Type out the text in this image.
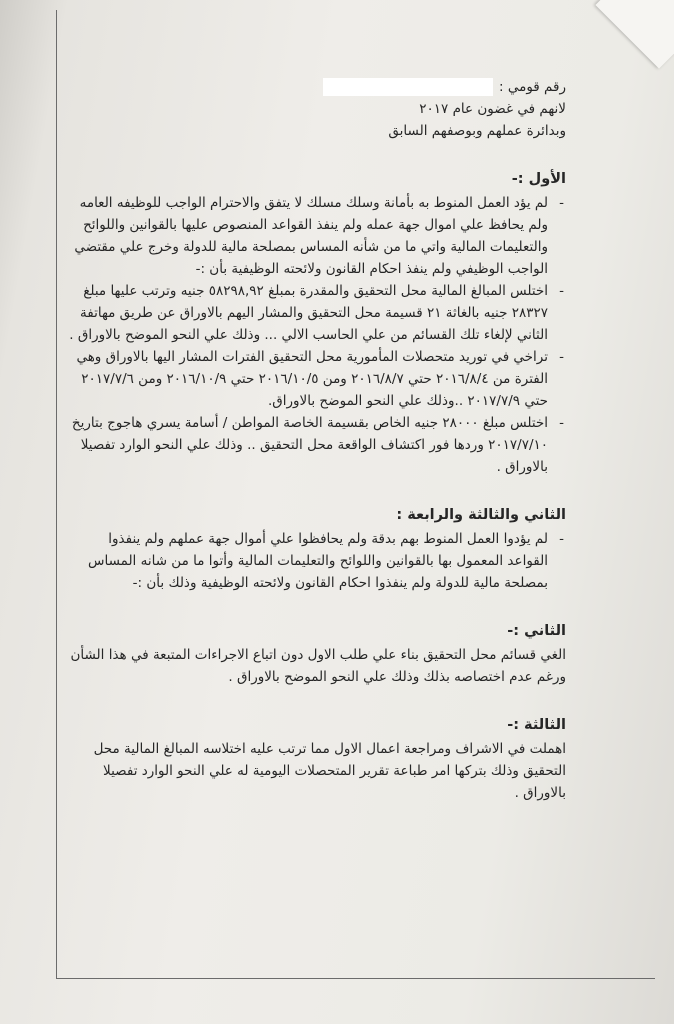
رقم قومي :

لانهم في غضون عام ٢٠١٧

وبدائرة عملهم وبوصفهم السابق

الأول :-
- لم يؤد العمل المنوط به بأمانة وسلك مسلك لا يتفق والاحترام الواجب للوظيفه العامه ولم يحافظ علي اموال جهة عمله ولم ينفذ القواعد المنصوص عليها بالقوانين واللوائح والتعليمات المالية واتي ما من شأنه المساس بمصلحة مالية للدولة وخرج علي مقتضي الواجب الوظيفي ولم ينفذ احكام القانون ولائحته الوظيفية بأن :-
- اختلس المبالغ المالية محل التحقيق والمقدرة بمبلغ ٥٨٢٩٨,٩٢ جنيه وترتب عليها مبلغ ٢٨٣٢٧ جنيه بالغاثة ٢١ قسيمة محل التحقيق والمشار اليهم بالاوراق عن طريق مهاتفة الثاني لإلغاء تلك القسائم من علي الحاسب الالي ... وذلك علي النحو الموضح بالاوراق .
- تراخي في توريد متحصلات المأمورية محل التحقيق الفترات المشار اليها بالاوراق وهي الفترة من ٢٠١٦/٨/٤ حتي ٢٠١٦/٨/٧ ومن ٢٠١٦/١٠/٥ حتي ٢٠١٦/١٠/٩ ومن ٢٠١٧/٧/٦ حتي ٢٠١٧/٧/٩ ..وذلك علي النحو الموضح بالاوراق.
- اختلس مبلغ ٢٨٠٠٠ جنيه الخاص بقسيمة الخاصة المواطن / أسامة يسري هاجوج بتاريخ ٢٠١٧/٧/١٠ وردها فور اكتشاف الواقعة محل التحقيق .. وذلك علي النحو الوارد تفصيلا بالاوراق .
الثاني والثالثة والرابعة :
- لم يؤدوا العمل المنوط بهم بدقة ولم يحافظوا علي أموال جهة عملهم ولم ينفذوا القواعد المعمول بها بالقوانين واللوائح والتعليمات المالية وأتوا ما من شانه المساس بمصلحة مالية للدولة ولم ينفذوا احكام القانون ولائحته الوظيفية وذلك بأن :-
الثاني :-

الغي قسائم محل التحقيق بناء علي طلب الاول دون اتباع الاجراءات المتبعة في هذا الشأن ورغم عدم اختصاصه بذلك وذلك علي النحو الموضح بالاوراق .

الثالثة :-

اهملت في الاشراف ومراجعة اعمال الاول مما ترتب عليه اختلاسه المبالغ المالية محل التحقيق وذلك بتركها امر طباعة تقرير المتحصلات اليومية له علي النحو الوارد تفصيلا بالاوراق .
